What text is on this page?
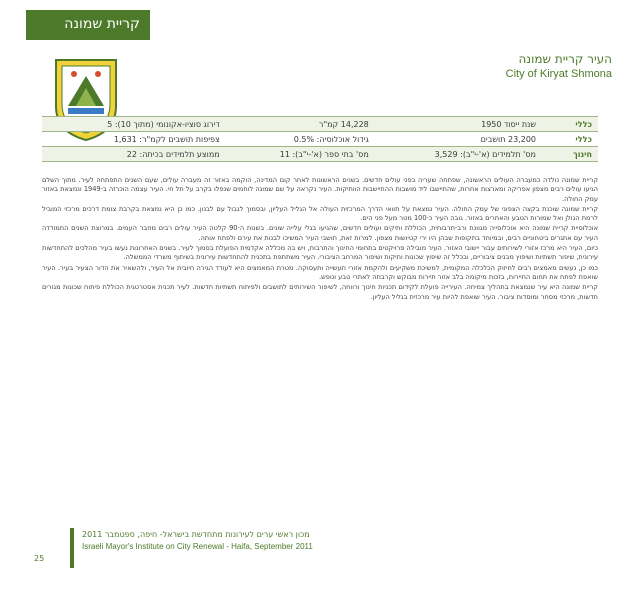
קריית שמונה
העיר קריית שמונה
City of Kiryat Shmona
כללי	שנת ייסוד 1950	14,228 קמ"ר	דירוג סוציו-אקונומי (מתוך 10): 5
כללי	23,200 תושבים	גידול אוכלוסיה: 0.5%	צפיפות תושבים לקמ"ר: 1,631
חינוך	מס' תלמידים (א'-י"ב): 3,529	מס' בתי ספר (א'-י"ב): 11	ממוצע תלמידים בכיתה: 22

קריית שמונה נולדה כמעברה העולים הראשונה, שפתחה שעריה בפני עולים חדשים. בשנים הראשונות לאחר קום המדינה, הוקמה באזור זה מעברה עולים, שעם השנים התפתחה לעיר. מתוך השלם הגיעו עולים רבים מצפון אפריקה ומארצות אחרות, שהתיישבו ליד מושבות ההתיישבות הוותיקות. העיר נקראה על שם שמונה לוחמים שנפלו בקרב על תל חי. העיר עצמה הוכרזה ב-1949 ונמצאת באזור עמק החולה.

קריית שמונה שוכנת בקצה הצפוני של עמק החולה. העיר נמצאת על תוואי הדרך המרכזית העולה אל הגליל העליון, ובסמוך לגבול עם לבנון. כמו כן היא נמצאת בקרבת צומת דרכים מרכזי המוביל לרמת הגולן ואל שמורות הטבע והאתרים באזור. גובה העיר כ-100 מטר מעל פני הים.

אוכלוסיית קריית שמונה היא אוכלוסייה מגוונת ורב-תרבותית, הכוללת ותיקים ועולים חדשים, שהגיעו בגלי עלייה שונים. בשנות ה-90 קלטה העיר עולים רבים מחבר העמים. במרוצת השנים התמודדה העיר עם אתגרים ביטחוניים רבים, ובמיוחד בתקופות שבהן היו ירי קטיושות מצפון. למרות זאת, תושבי העיר המשיכו לבנות את עירם ולפתח אותה.

כיום, העיר היא מרכז אזורי לשירותים עבור יישובי האזור. העיר מובילה פרויקטים בתחומי החינוך והתרבות, ויש בה מכללה אקדמית הפועלת בסמוך לעיר. בשנים האחרונות נעשו בעיר מהלכים להתחדשות עירונית, שיפור תשתיות ושיפוץ מבנים ציבוריים, ובכלל זה שיפוץ שכונות ותיקות ושיפור המרחב הציבורי. העיר משתתפת בתכנית להתחדשות עירונית בשיתוף משרדי הממשלה.

כמו כן, נעשים מאמצים רבים לחיזוק הכלכלה המקומית, למשיכת משקיעים ולהקמת אזורי תעשייה ותעסוקה. מטרת המאמצים היא לעודד הגירה חיובית אל העיר, ולהשאיר את הדור הצעיר בעיר. העיר שואפת לפתח את תחום התיירות, בזכות מיקומה בלב אזור תיירות מבוקש וקרבתה לאתרי טבע ונופש.

קריית שמונה היא עיר שנמצאת בתהליך צמיחה. העירייה פועלת לקידום תכניות חינוך ורווחה, לשיפור השירותים לתושבים ולפיתוח תשתיות חדשות. לעיר תכנית אסטרטגית הכוללת פיתוח שכונות מגורים חדשות, מרכזי מסחר ומוסדות ציבור. העיר שואפת להיות עיר מרכזית בגליל העליון.

מכון ראשי ערים לעירונות מתחדשת בישראל- חיפה, ספטמבר 2011
Israeli Mayor's Institute on City Renewal - Haifa, September 2011
25
